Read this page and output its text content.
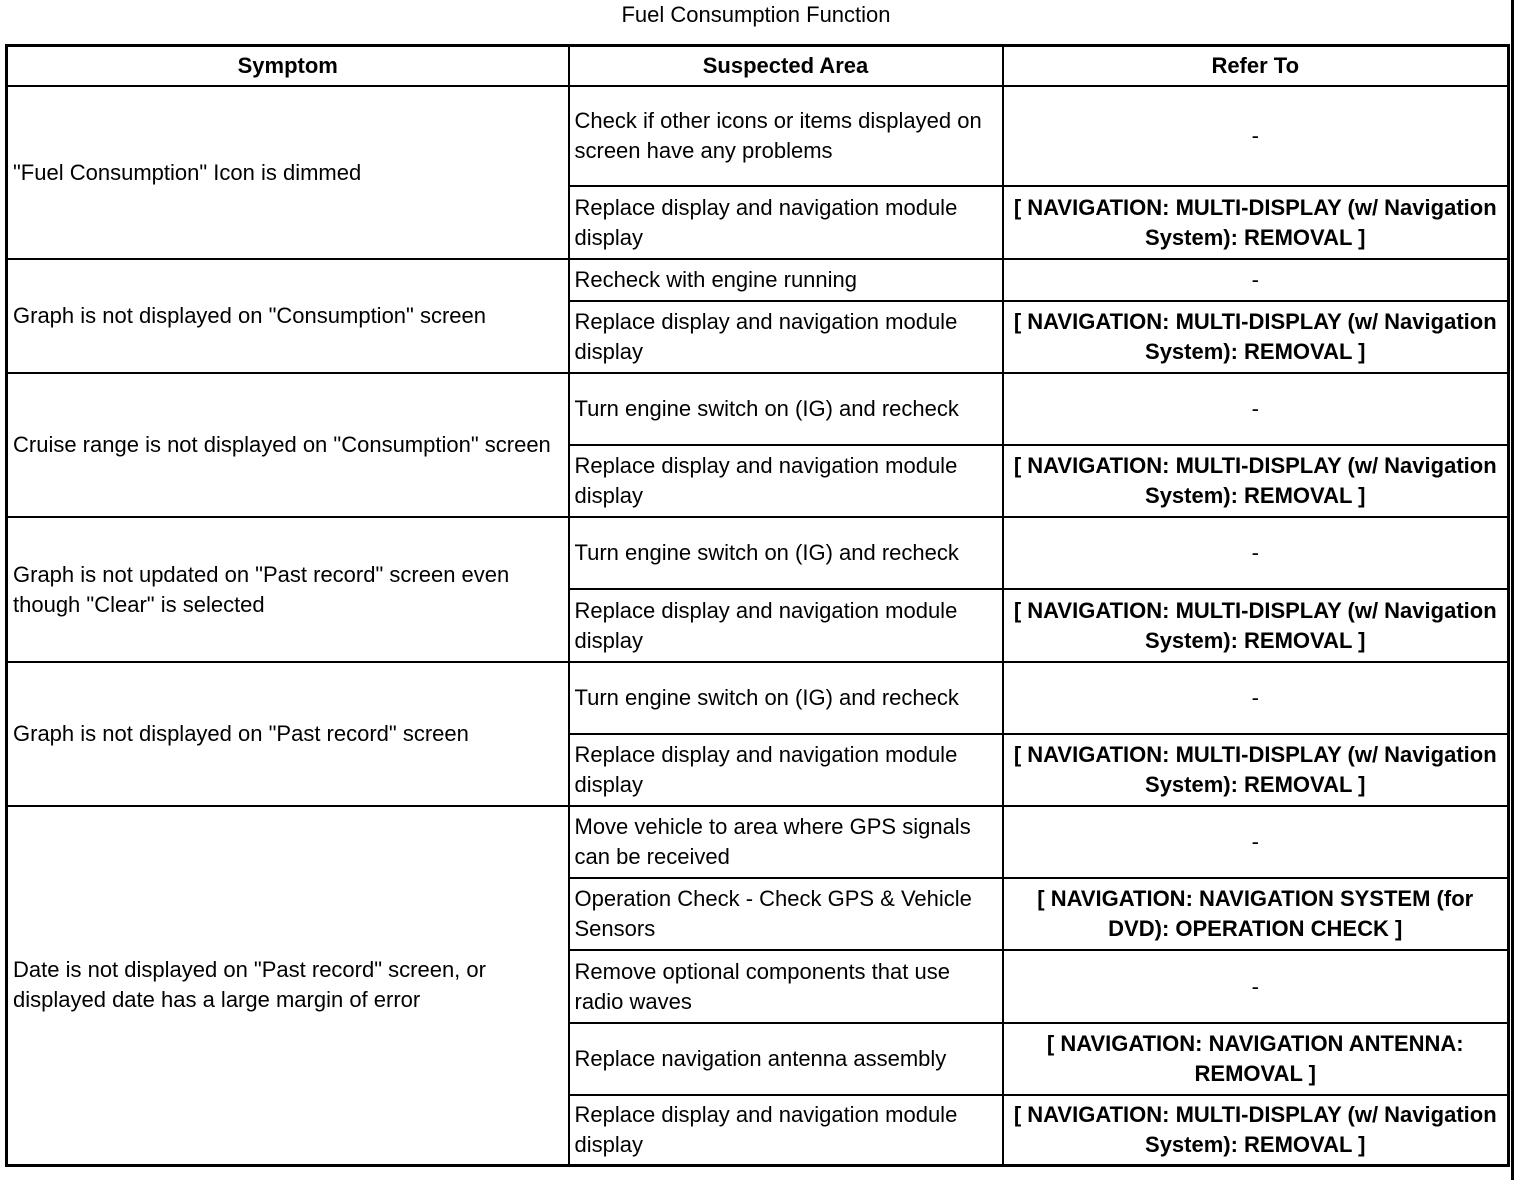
Fuel Consumption Function
Symptom	Suspected Area	Refer To
"Fuel Consumption" Icon is dimmed	Check if other icons or items displayed on screen have any problems	-
	Replace display and navigation module display	[ NAVIGATION: MULTI-DISPLAY (w/ Navigation System): REMOVAL ]
Graph is not displayed on "Consumption" screen	Recheck with engine running	-
	Replace display and navigation module display	[ NAVIGATION: MULTI-DISPLAY (w/ Navigation System): REMOVAL ]
Cruise range is not displayed on "Consumption" screen	Turn engine switch on (IG) and recheck	-
	Replace display and navigation module display	[ NAVIGATION: MULTI-DISPLAY (w/ Navigation System): REMOVAL ]
Graph is not updated on "Past record" screen even though "Clear" is selected	Turn engine switch on (IG) and recheck	-
	Replace display and navigation module display	[ NAVIGATION: MULTI-DISPLAY (w/ Navigation System): REMOVAL ]
Graph is not displayed on "Past record" screen	Turn engine switch on (IG) and recheck	-
	Replace display and navigation module display	[ NAVIGATION: MULTI-DISPLAY (w/ Navigation System): REMOVAL ]
Date is not displayed on "Past record" screen, or displayed date has a large margin of error	Move vehicle to area where GPS signals can be received	-
	Operation Check - Check GPS & Vehicle Sensors	[ NAVIGATION: NAVIGATION SYSTEM (for DVD): OPERATION CHECK ]
	Remove optional components that use radio waves	-
	Replace navigation antenna assembly	[ NAVIGATION: NAVIGATION ANTENNA: REMOVAL ]
	Replace display and navigation module display	[ NAVIGATION: MULTI-DISPLAY (w/ Navigation System): REMOVAL ]
